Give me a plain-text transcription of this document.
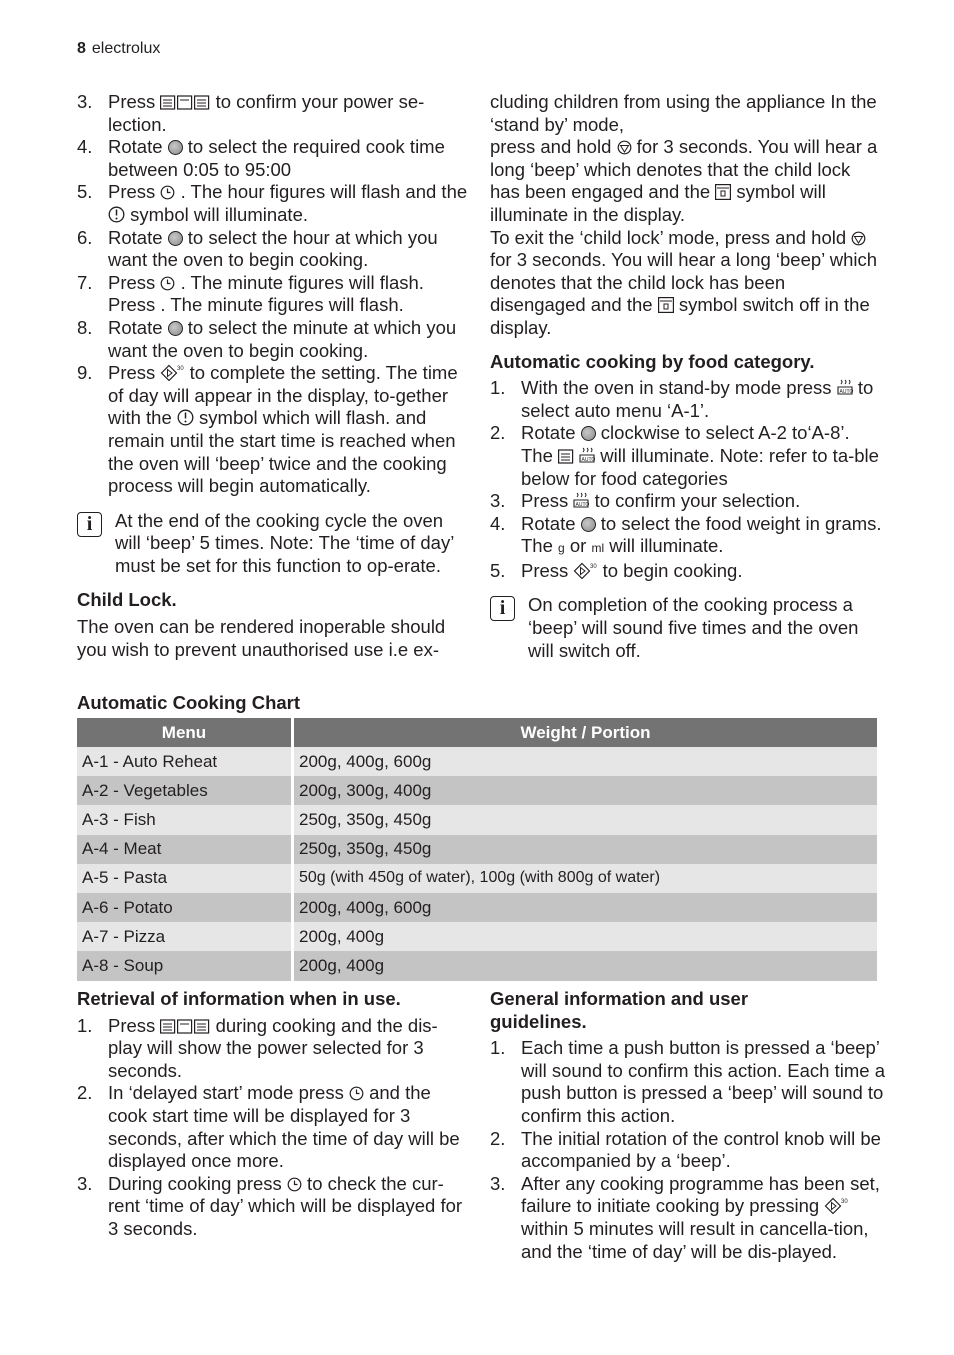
8 electrolux
3. Press	to confirm your power se-lection.
4. Rotate  to select the required cook time between 0:05 to 95:00
5. Press
. The hour figures will flash and the
symbol will illuminate.
6. Rotate  to select the hour at which you want the oven to begin cooking.
7. Press
. The minute figures will flash. Press . The minute figures will flash.
8. Rotate  to select the minute at which you want the oven to begin cooking.
9. Press	30 to complete the setting. The time of day will appear in the display, to-gether with the
symbol which will flash. and remain until the start time is reached when the oven will ‘beep’ twice and the cooking process will begin automatically.
i	At the end of the cooking cycle the oven will ‘beep’ 5 times. Note: The ‘time of day’ must be set for this function to op-erate.
Child Lock.
The oven can be rendered inoperable should you wish to prevent unauthorised use i.e ex-
cluding children from using the appliance In the ‘stand by’ mode,
press and hold
for 3 seconds. You will hear a long ‘beep’ which denotes that the child lock has been engaged and the
symbol will illuminate in the display.
To exit the ‘child lock’ mode, press and hold
for 3 seconds. You will hear a long ‘beep’ which denotes that the child lock has been disengaged and the
symbol switch off in the display.
Automatic cooking by food category.
1. With the oven in stand-by mode press AUTO to select auto menu ‘A-1’.
2. Rotate  clockwise to select A-2 to‘A-8’. The
	AUTO will illuminate. Note: refer to ta-ble below for food categories
3. Press AUTO to confirm your selection.
4. Rotate  to select the food weight in grams. The g or ml will illuminate.
5. Press	30 to begin cooking.
i	On completion of the cooking process a ‘beep’ will sound five times and the oven will switch off.
Automatic Cooking Chart
Menu	Weight / Portion
A-1 - Auto Reheat	200g, 400g, 600g
A-2 - Vegetables	200g, 300g, 400g
A-3 - Fish	250g, 350g, 450g
A-4 - Meat	250g, 350g, 450g
A-5 - Pasta	50g (with 450g of water), 100g (with 800g of water)
A-6 - Potato	200g, 400g, 600g
A-7 - Pizza	200g, 400g
A-8 - Soup	200g, 400g
Retrieval of information when in use.
1. Press	during cooking and the dis-play will show the power selected for 3 seconds.
2. In ‘delayed start’ mode press
and the cook start time will be displayed for 3 seconds, after which the time of day will be displayed once more.
3. During cooking press
to check the cur-rent ‘time of day’ which will be displayed for 3 seconds.
General information and user guidelines.
1. Each time a push button is pressed a ‘beep’ will sound to confirm this action. Each time a push button is pressed a ‘beep’ will sound to confirm this action.
2. The initial rotation of the control knob will be accompanied by a ‘beep’.
3. After any cooking programme has been set, failure to initiate cooking by pressing	30
within 5 minutes will result in cancella-tion, and the ‘time of day’ will be dis-played.
